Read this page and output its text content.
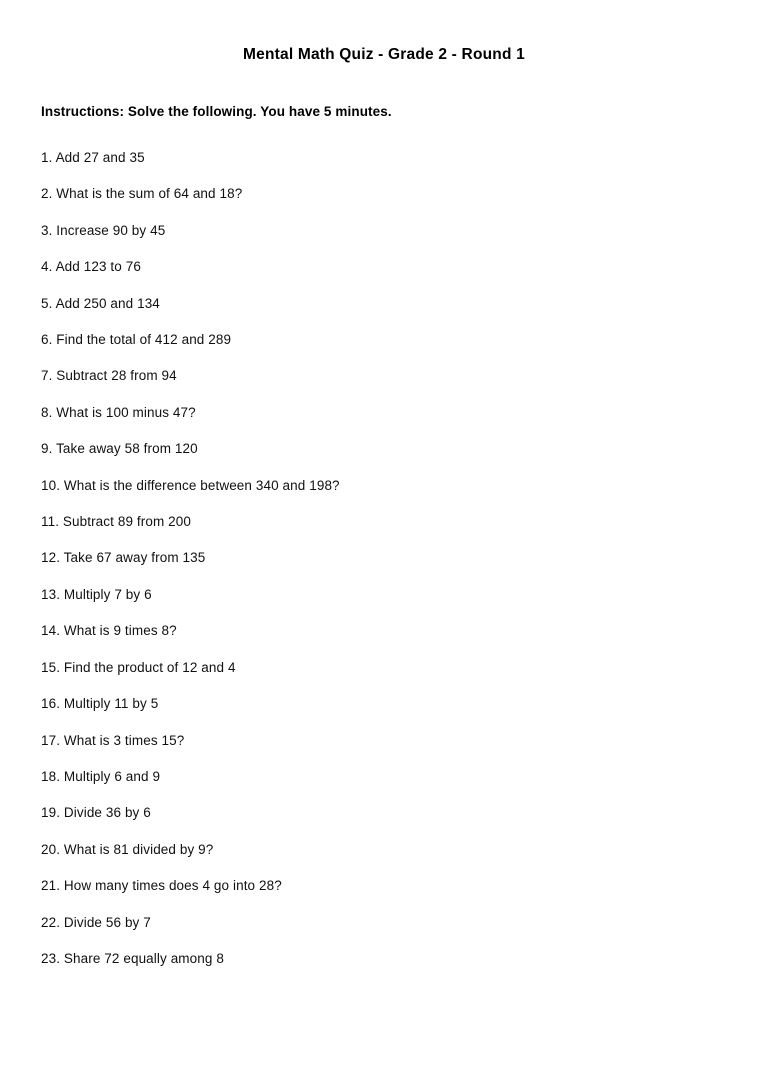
Mental Math Quiz - Grade 2 - Round 1

Instructions: Solve the following. You have 5 minutes.

1. Add 27 and 35
2. What is the sum of 64 and 18?
3. Increase 90 by 45
4. Add 123 to 76
5. Add 250 and 134
6. Find the total of 412 and 289
7. Subtract 28 from 94
8. What is 100 minus 47?
9. Take away 58 from 120
10. What is the difference between 340 and 198?
11. Subtract 89 from 200
12. Take 67 away from 135
13. Multiply 7 by 6
14. What is 9 times 8?
15. Find the product of 12 and 4
16. Multiply 11 by 5
17. What is 3 times 15?
18. Multiply 6 and 9
19. Divide 36 by 6
20. What is 81 divided by 9?
21. How many times does 4 go into 28?
22. Divide 56 by 7
23. Share 72 equally among 8
